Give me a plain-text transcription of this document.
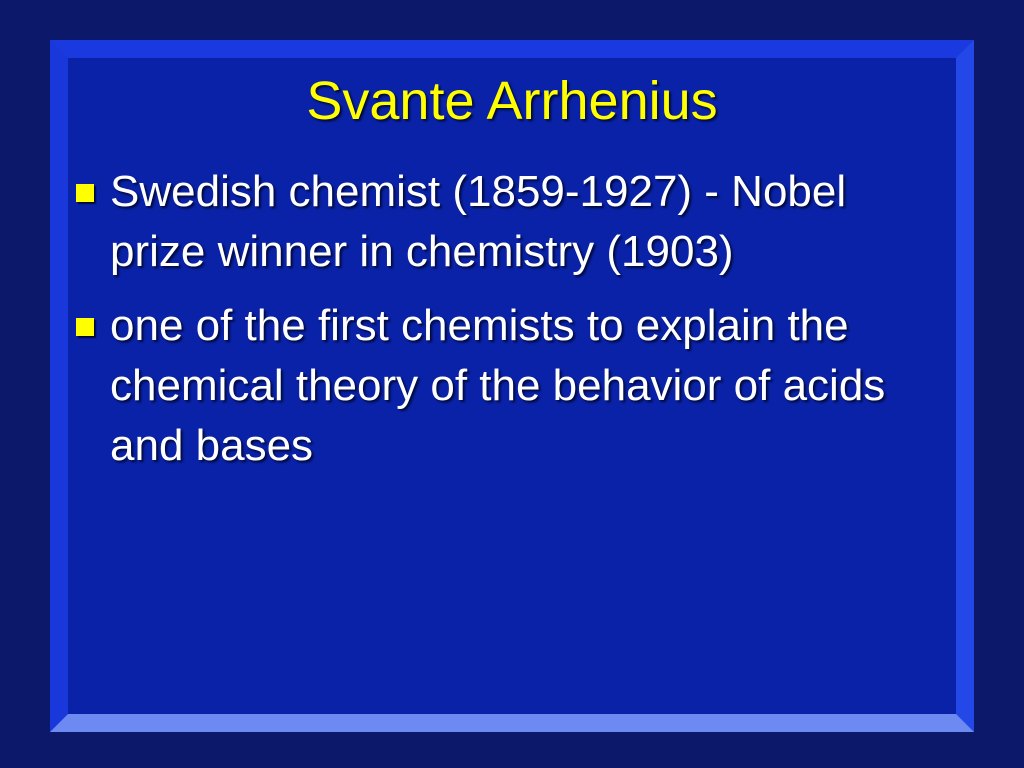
Svante Arrhenius
Swedish chemist (1859-1927) - Nobel prize winner in chemistry (1903)
one of the first chemists to explain the chemical theory of the behavior of acids and bases
